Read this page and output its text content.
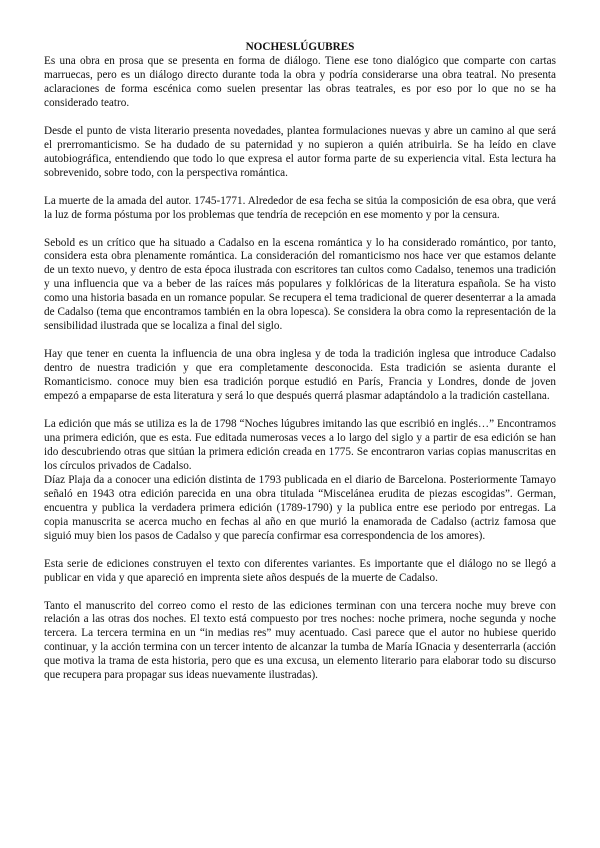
NOCHESLÚGUBRES

Es una obra en prosa que se presenta en forma de diálogo. Tiene ese tono dialógico que comparte con cartas marruecas, pero es un diálogo directo durante toda la obra y podría considerarse una obra teatral. No presenta aclaraciones de forma escénica como suelen presentar las obras teatrales, es por eso por lo que no se ha considerado teatro.

Desde el punto de vista literario presenta novedades, plantea formulaciones nuevas y abre un camino al que será el prerromanticismo. Se ha dudado de su paternidad y no supieron a quién atribuirla. Se ha leído en clave autobiográfica, entendiendo que todo lo que expresa el autor forma parte de su experiencia vital. Esta lectura ha sobrevenido, sobre todo, con la perspectiva romántica.

La muerte de la amada del autor. 1745-1771. Alrededor de esa fecha se sitúa la composición de esa obra, que verá la luz de forma póstuma por los problemas que tendría de recepción en ese momento y por la censura.

Sebold es un crítico que ha situado a Cadalso en la escena romántica y lo ha considerado romántico, por tanto, considera esta obra plenamente romántica. La consideración del romanticismo nos hace ver que estamos delante de un texto nuevo, y dentro de esta época ilustrada con escritores tan cultos como Cadalso, tenemos una tradición y una influencia que va a beber de las raíces más populares y folklóricas de la literatura española. Se ha visto como una historia basada en un romance popular. Se recupera el tema tradicional de querer desenterrar a la amada de Cadalso (tema que encontramos también en la obra lopesca). Se considera la obra como la representación de la sensibilidad ilustrada que se localiza a final del siglo.

Hay que tener en cuenta la influencia de una obra inglesa y de toda la tradición inglesa que introduce Cadalso dentro de nuestra tradición y que era completamente desconocida. Esta tradición se asienta durante el Romanticismo. conoce muy bien esa tradición porque estudió en París, Francia y Londres, donde de joven empezó a empaparse de esta literatura y será lo que después querrá plasmar adaptándolo a la tradición castellana.

La edición que más se utiliza es la de 1798 “Noches lúgubres imitando las que escribió en inglés…” Encontramos una primera edición, que es esta. Fue editada numerosas veces a lo largo del siglo y a partir de esa edición se han ido descubriendo otras que sitúan la primera edición creada en 1775. Se encontraron varias copias manuscritas en los círculos privados de Cadalso.

Díaz Plaja da a conocer una edición distinta de 1793 publicada en el diario de Barcelona. Posteriormente Tamayo señaló en 1943 otra edición parecida en una obra titulada “Miscelánea erudita de piezas escogidas”. German, encuentra y publica la verdadera primera edición (1789-1790) y la publica entre ese periodo por entregas. La copia manuscrita se acerca mucho en fechas al año en que murió la enamorada de Cadalso (actriz famosa que siguió muy bien los pasos de Cadalso y que parecía confirmar esa correspondencia de los amores).

Esta serie de ediciones construyen el texto con diferentes variantes. Es importante que el diálogo no se llegó a publicar en vida y que apareció en imprenta siete años después de la muerte de Cadalso.

Tanto el manuscrito del correo como el resto de las ediciones terminan con una tercera noche muy breve con relación a las otras dos noches. El texto está compuesto por tres noches: noche primera, noche segunda y noche tercera. La tercera termina en un “in medias res” muy acentuado. Casi parece que el autor no hubiese querido continuar, y la acción termina con un tercer intento de alcanzar la tumba de María IGnacia y desenterrarla (acción que motiva la trama de esta historia, pero que es una excusa, un elemento literario para elaborar todo su discurso que recupera para propagar sus ideas nuevamente ilustradas).
